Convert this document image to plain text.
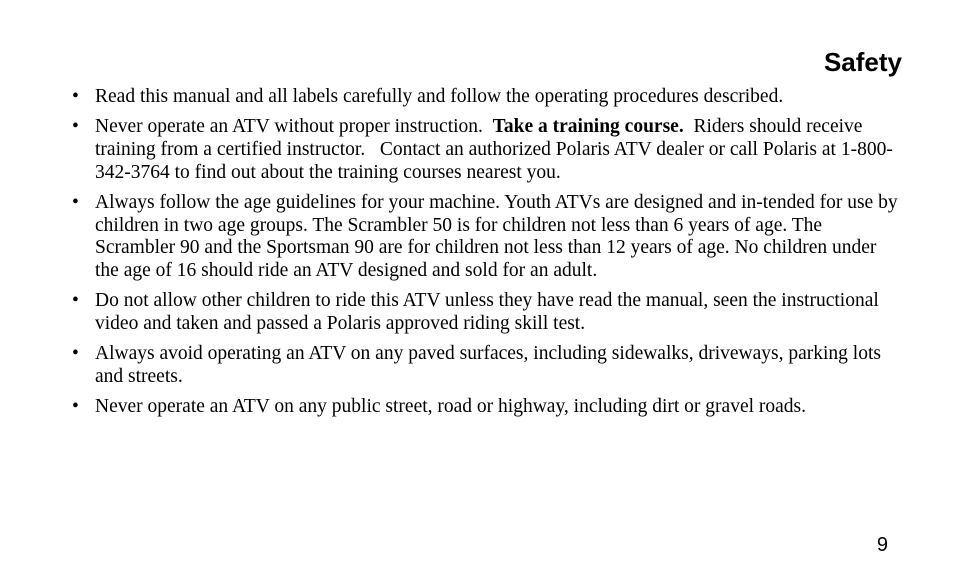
Safety
• Read this manual and all labels carefully and follow the operating procedures described.
• Never operate an ATV without proper instruction.  Take a training course.  Riders should receive training from a certified instructor.   Contact an authorized Polaris ATV dealer or call Polaris at 1-800-342-3764 to find out about the training courses nearest you.
• Always follow the age guidelines for your machine. Youth ATVs are designed and in-tended for use by children in two age groups. The Scrambler 50 is for children not less than 6 years of age. The Scrambler 90 and the Sportsman 90 are for children not less than 12 years of age. No children under the age of 16 should ride an ATV designed and sold for an adult.
• Do not allow other children to ride this ATV unless they have read the manual, seen the instructional video and taken and passed a Polaris approved riding skill test.
• Always avoid operating an ATV on any paved surfaces, including sidewalks, driveways, parking lots and streets.
• Never operate an ATV on any public street, road or highway, including dirt or gravel roads.
9
